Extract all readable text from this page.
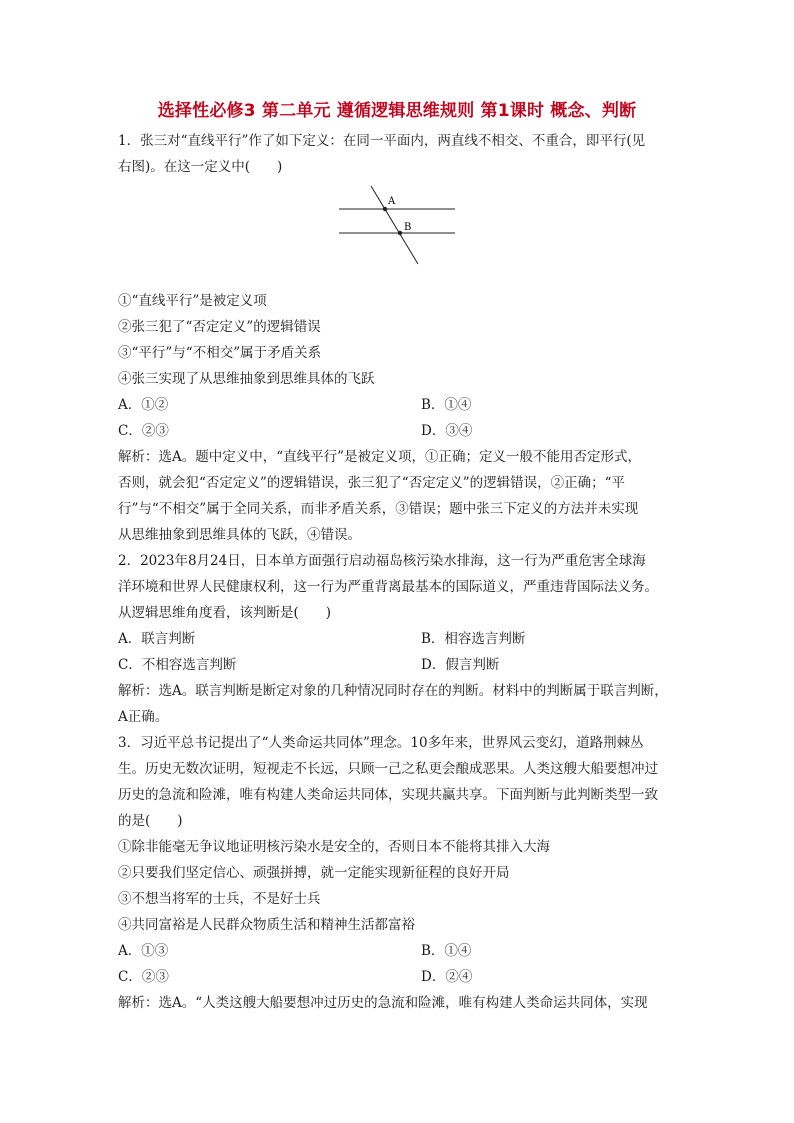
选择性必修3 第二单元 遵循逻辑思维规则 第1课时 概念、判断
1．张三对“直线平行”作了如下定义：在同一平面内，两直线不相交、不重合，即平行(见
右图)。在这一定义中(　　)
A
B
①“直线平行”是被定义项
②张三犯了“否定定义”的逻辑错误
③“平行”与“不相交”属于矛盾关系
④张三实现了从思维抽象到思维具体的飞跃
A．①②	B．①④
C．②③	D．③④
解析：选A。题中定义中，“直线平行”是被定义项，①正确；定义一般不能用否定形式，
否则，就会犯“否定定义”的逻辑错误，张三犯了“否定定义”的逻辑错误，②正确；“平
行”与“不相交”属于全同关系，而非矛盾关系，③错误；题中张三下定义的方法并未实现
从思维抽象到思维具体的飞跃，④错误。
2．2023年8月24日，日本单方面强行启动福岛核污染水排海，这一行为严重危害全球海
洋环境和世界人民健康权利，这一行为严重背离最基本的国际道义，严重违背国际法义务。
从逻辑思维角度看，该判断是(　　)
A．联言判断	B．相容选言判断
C．不相容选言判断	D．假言判断
解析：选A。联言判断是断定对象的几种情况同时存在的判断。材料中的判断属于联言判断，
A正确。
3．习近平总书记提出了“人类命运共同体”理念。10多年来，世界风云变幻，道路荆棘丛
生。历史无数次证明，短视走不长远，只顾一己之私更会酿成恶果。人类这艘大船要想冲过
历史的急流和险滩，唯有构建人类命运共同体，实现共赢共享。下面判断与此判断类型一致
的是(　　)
①除非能毫无争议地证明核污染水是安全的，否则日本不能将其排入大海
②只要我们坚定信心、顽强拼搏，就一定能实现新征程的良好开局
③不想当将军的士兵，不是好士兵
④共同富裕是人民群众物质生活和精神生活都富裕
A．①③	B．①④
C．②③	D．②④
解析：选A。“人类这艘大船要想冲过历史的急流和险滩，唯有构建人类命运共同体，实现
